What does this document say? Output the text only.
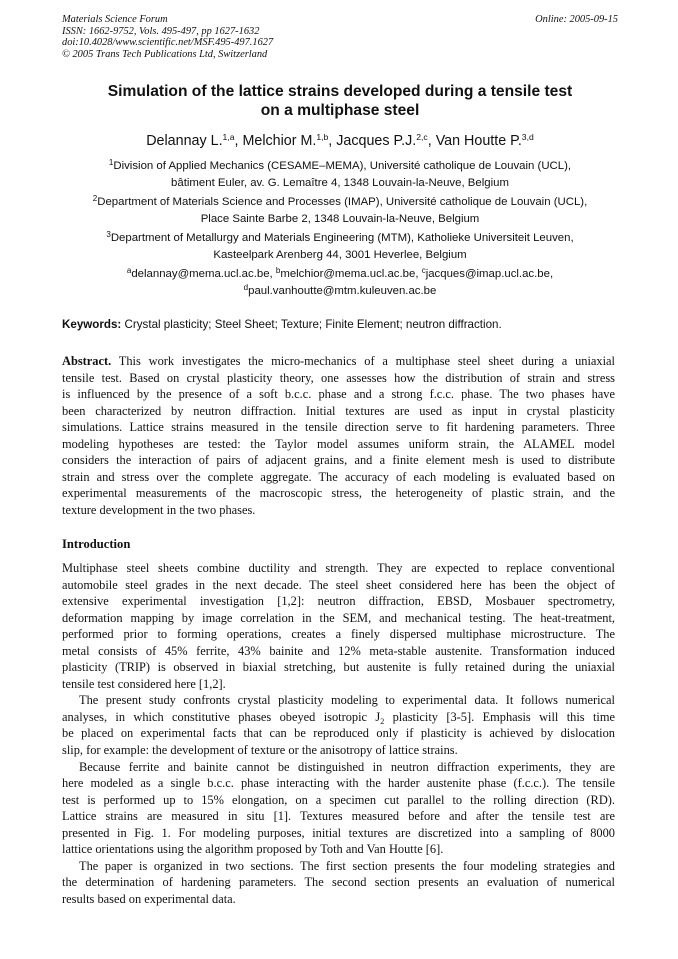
Materials Science Forum
ISSN: 1662-9752, Vols. 495-497, pp 1627-1632
doi:10.4028/www.scientific.net/MSF.495-497.1627
© 2005 Trans Tech Publications Ltd, Switzerland
Online: 2005-09-15
Simulation of the lattice strains developed during a tensile test
on a multiphase steel
Delannay L.$^{1,a}$, Melchior M.$^{1,b}$, Jacques P.J.$^{2,c}$, Van Houtte P.$^{3,d}$
$^1$Division of Applied Mechanics (CESAME–MEMA), Université catholique de Louvain (UCL),
bâtiment Euler, av. G. Lemaître 4, 1348 Louvain-la-Neuve, Belgium
$^2$Department of Materials Science and Processes (IMAP), Université catholique de Louvain (UCL),
Place Sainte Barbe 2, 1348 Louvain-la-Neuve, Belgium
$^3$Department of Metallurgy and Materials Engineering (MTM), Katholieke Universiteit Leuven,
Kasteelpark Arenberg 44, 3001 Heverlee, Belgium
$^a$delannay@mema.ucl.ac.be, $^b$melchior@mema.ucl.ac.be, $^c$jacques@imap.ucl.ac.be,
$^d$paul.vanhoutte@mtm.kuleuven.ac.be
Keywords: Crystal plasticity; Steel Sheet; Texture; Finite Element; neutron diffraction.
Abstract. This work investigates the micro-mechanics of a multiphase steel sheet during a uniaxial
tensile test. Based on crystal plasticity theory, one assesses how the distribution of strain and stress
is influenced by the presence of a soft b.c.c. phase and a strong f.c.c. phase. The two phases have
been characterized by neutron diffraction. Initial textures are used as input in crystal plasticity
simulations. Lattice strains measured in the tensile direction serve to fit hardening parameters. Three
modeling hypotheses are tested: the Taylor model assumes uniform strain, the ALAMEL model
considers the interaction of pairs of adjacent grains, and a finite element mesh is used to distribute
strain and stress over the complete aggregate. The accuracy of each modeling is evaluated based on
experimental measurements of the macroscopic stress, the heterogeneity of plastic strain, and the
texture development in the two phases.
Introduction
Multiphase steel sheets combine ductility and strength. They are expected to replace conventional
automobile steel grades in the next decade. The steel sheet considered here has been the object of
extensive experimental investigation [1,2]: neutron diffraction, EBSD, Mosbauer spectrometry,
deformation mapping by image correlation in the SEM, and mechanical testing. The heat-treatment,
performed prior to forming operations, creates a finely dispersed multiphase microstructure. The
metal consists of 45% ferrite, 43% bainite and 12% meta-stable austenite. Transformation induced
plasticity (TRIP) is observed in biaxial stretching, but austenite is fully retained during the uniaxial
tensile test considered here [1,2].
The present study confronts crystal plasticity modeling to experimental data. It follows numerical
analyses, in which constitutive phases obeyed isotropic $J_2$ plasticity [3-5]. Emphasis will this time
be placed on experimental facts that can be reproduced only if plasticity is achieved by dislocation
slip, for example: the development of texture or the anisotropy of lattice strains.
Because ferrite and bainite cannot be distinguished in neutron diffraction experiments, they are
here modeled as a single b.c.c. phase interacting with the harder austenite phase (f.c.c.). The tensile
test is performed up to 15% elongation, on a specimen cut parallel to the rolling direction (RD).
Lattice strains are measured in situ [1]. Textures measured before and after the tensile test are
presented in Fig. 1. For modeling purposes, initial textures are discretized into a sampling of 8000
lattice orientations using the algorithm proposed by Toth and Van Houtte [6].
The paper is organized in two sections. The first section presents the four modeling strategies and
the determination of hardening parameters. The second section presents an evaluation of numerical
results based on experimental data.
